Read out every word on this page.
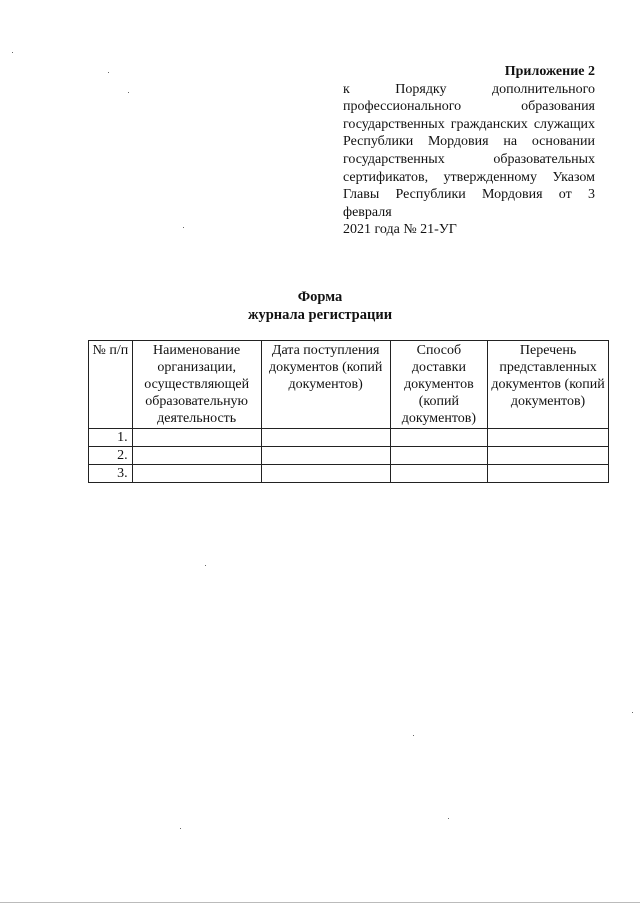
Приложение 2
к Порядку дополнительного профессионального образования государственных гражданских служащих Республики Мордовия на основании государственных образовательных сертификатов, утвержденному Указом Главы Республики Мордовия от 3 февраля
2021 года № 21-УГ
Форма
журнала регистрации
№ п/п	Наименование организации, осуществляющей образовательную деятельность	Дата поступления документов (копий документов)	Способ доставки документов (копий документов)	Перечень представленных документов (копий документов)
1.				
2.				
3.				
